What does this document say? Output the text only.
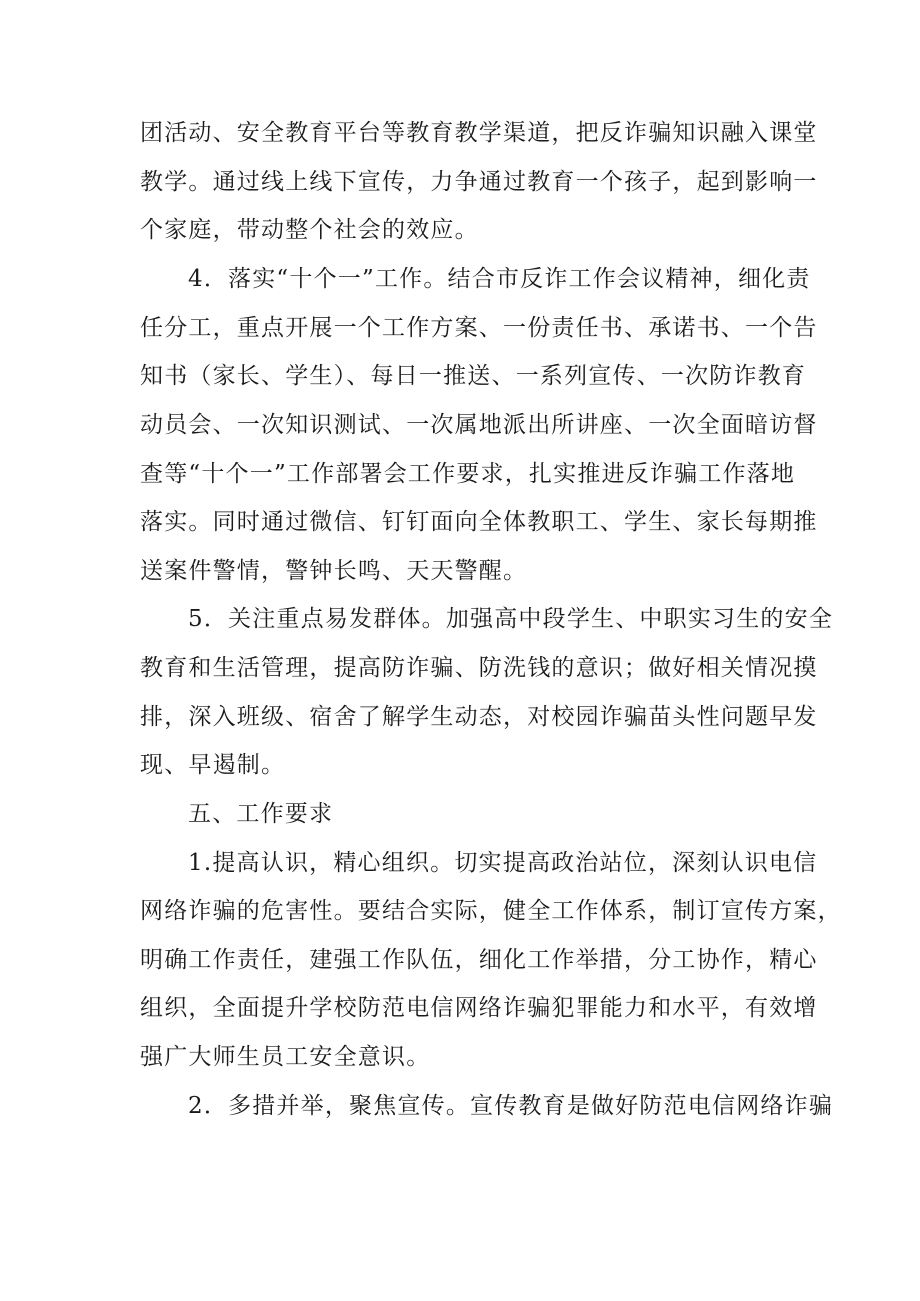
团活动、安全教育平台等教育教学渠道，把反诈骗知识融入课堂
教学。通过线上线下宣传，力争通过教育一个孩子，起到影响一
个家庭，带动整个社会的效应。
4．落实“十个一”工作。结合市反诈工作会议精神，细化责
任分工，重点开展一个工作方案、一份责任书、承诺书、一个告
知书（家长、学生）、每日一推送、一系列宣传、一次防诈教育
动员会、一次知识测试、一次属地派出所讲座、一次全面暗访督
查等“十个一”工作部署会工作要求，扎实推进反诈骗工作落地
落实。同时通过微信、钉钉面向全体教职工、学生、家长每期推
送案件警情，警钟长鸣、天天警醒。
5．关注重点易发群体。加强高中段学生、中职实习生的安全
教育和生活管理，提高防诈骗、防洗钱的意识；做好相关情况摸
排，深入班级、宿舍了解学生动态，对校园诈骗苗头性问题早发
现、早遏制。
五、工作要求
1.提高认识，精心组织。切实提高政治站位，深刻认识电信
网络诈骗的危害性。要结合实际，健全工作体系，制订宣传方案，
明确工作责任，建强工作队伍，细化工作举措，分工协作，精心
组织，全面提升学校防范电信网络诈骗犯罪能力和水平，有效增
强广大师生员工安全意识。
2．多措并举，聚焦宣传。宣传教育是做好防范电信网络诈骗
